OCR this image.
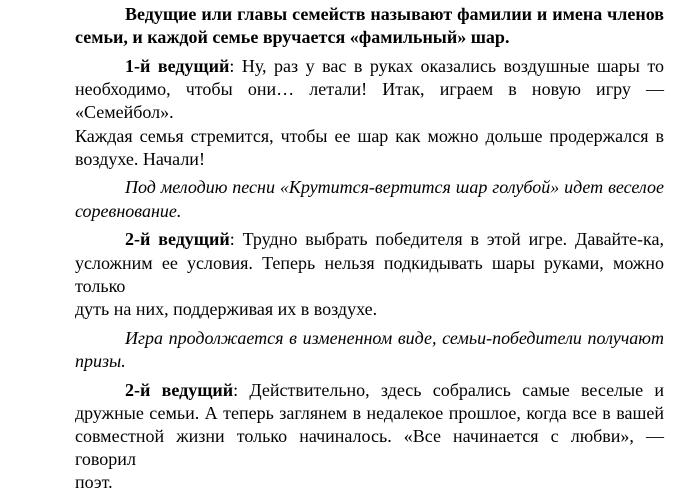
Ведущие или главы семейств называют фамилии и имена членов
семьи, и каждой семье вручается «фамильный» шар.
1-й ведущий: Ну, раз у вас в руках оказались воздушные шары то
необходимо, чтобы они… летали! Итак, играем в новую игру — «Семейбол».
Каждая семья стремится, чтобы ее шар как можно дольше продержался в
воздухе. Начали!
Под мелодию песни «Крутится-вертится шар голубой» идет веселое
соревнование.
2-й ведущий: Трудно выбрать победителя в этой игре. Давайте-ка,
усложним ее условия. Теперь нельзя подкидывать шары руками, можно только
дуть на них, поддерживая их в воздухе.
Игра продолжается в измененном виде, семьи-победители получают
призы.
2-й ведущий: Действительно, здесь собрались самые веселые и
дружные семьи. А теперь заглянем в недалекое прошлое, когда все в вашей
совместной жизни только начиналось. «Все начинается с любви», — говорил
поэт.
